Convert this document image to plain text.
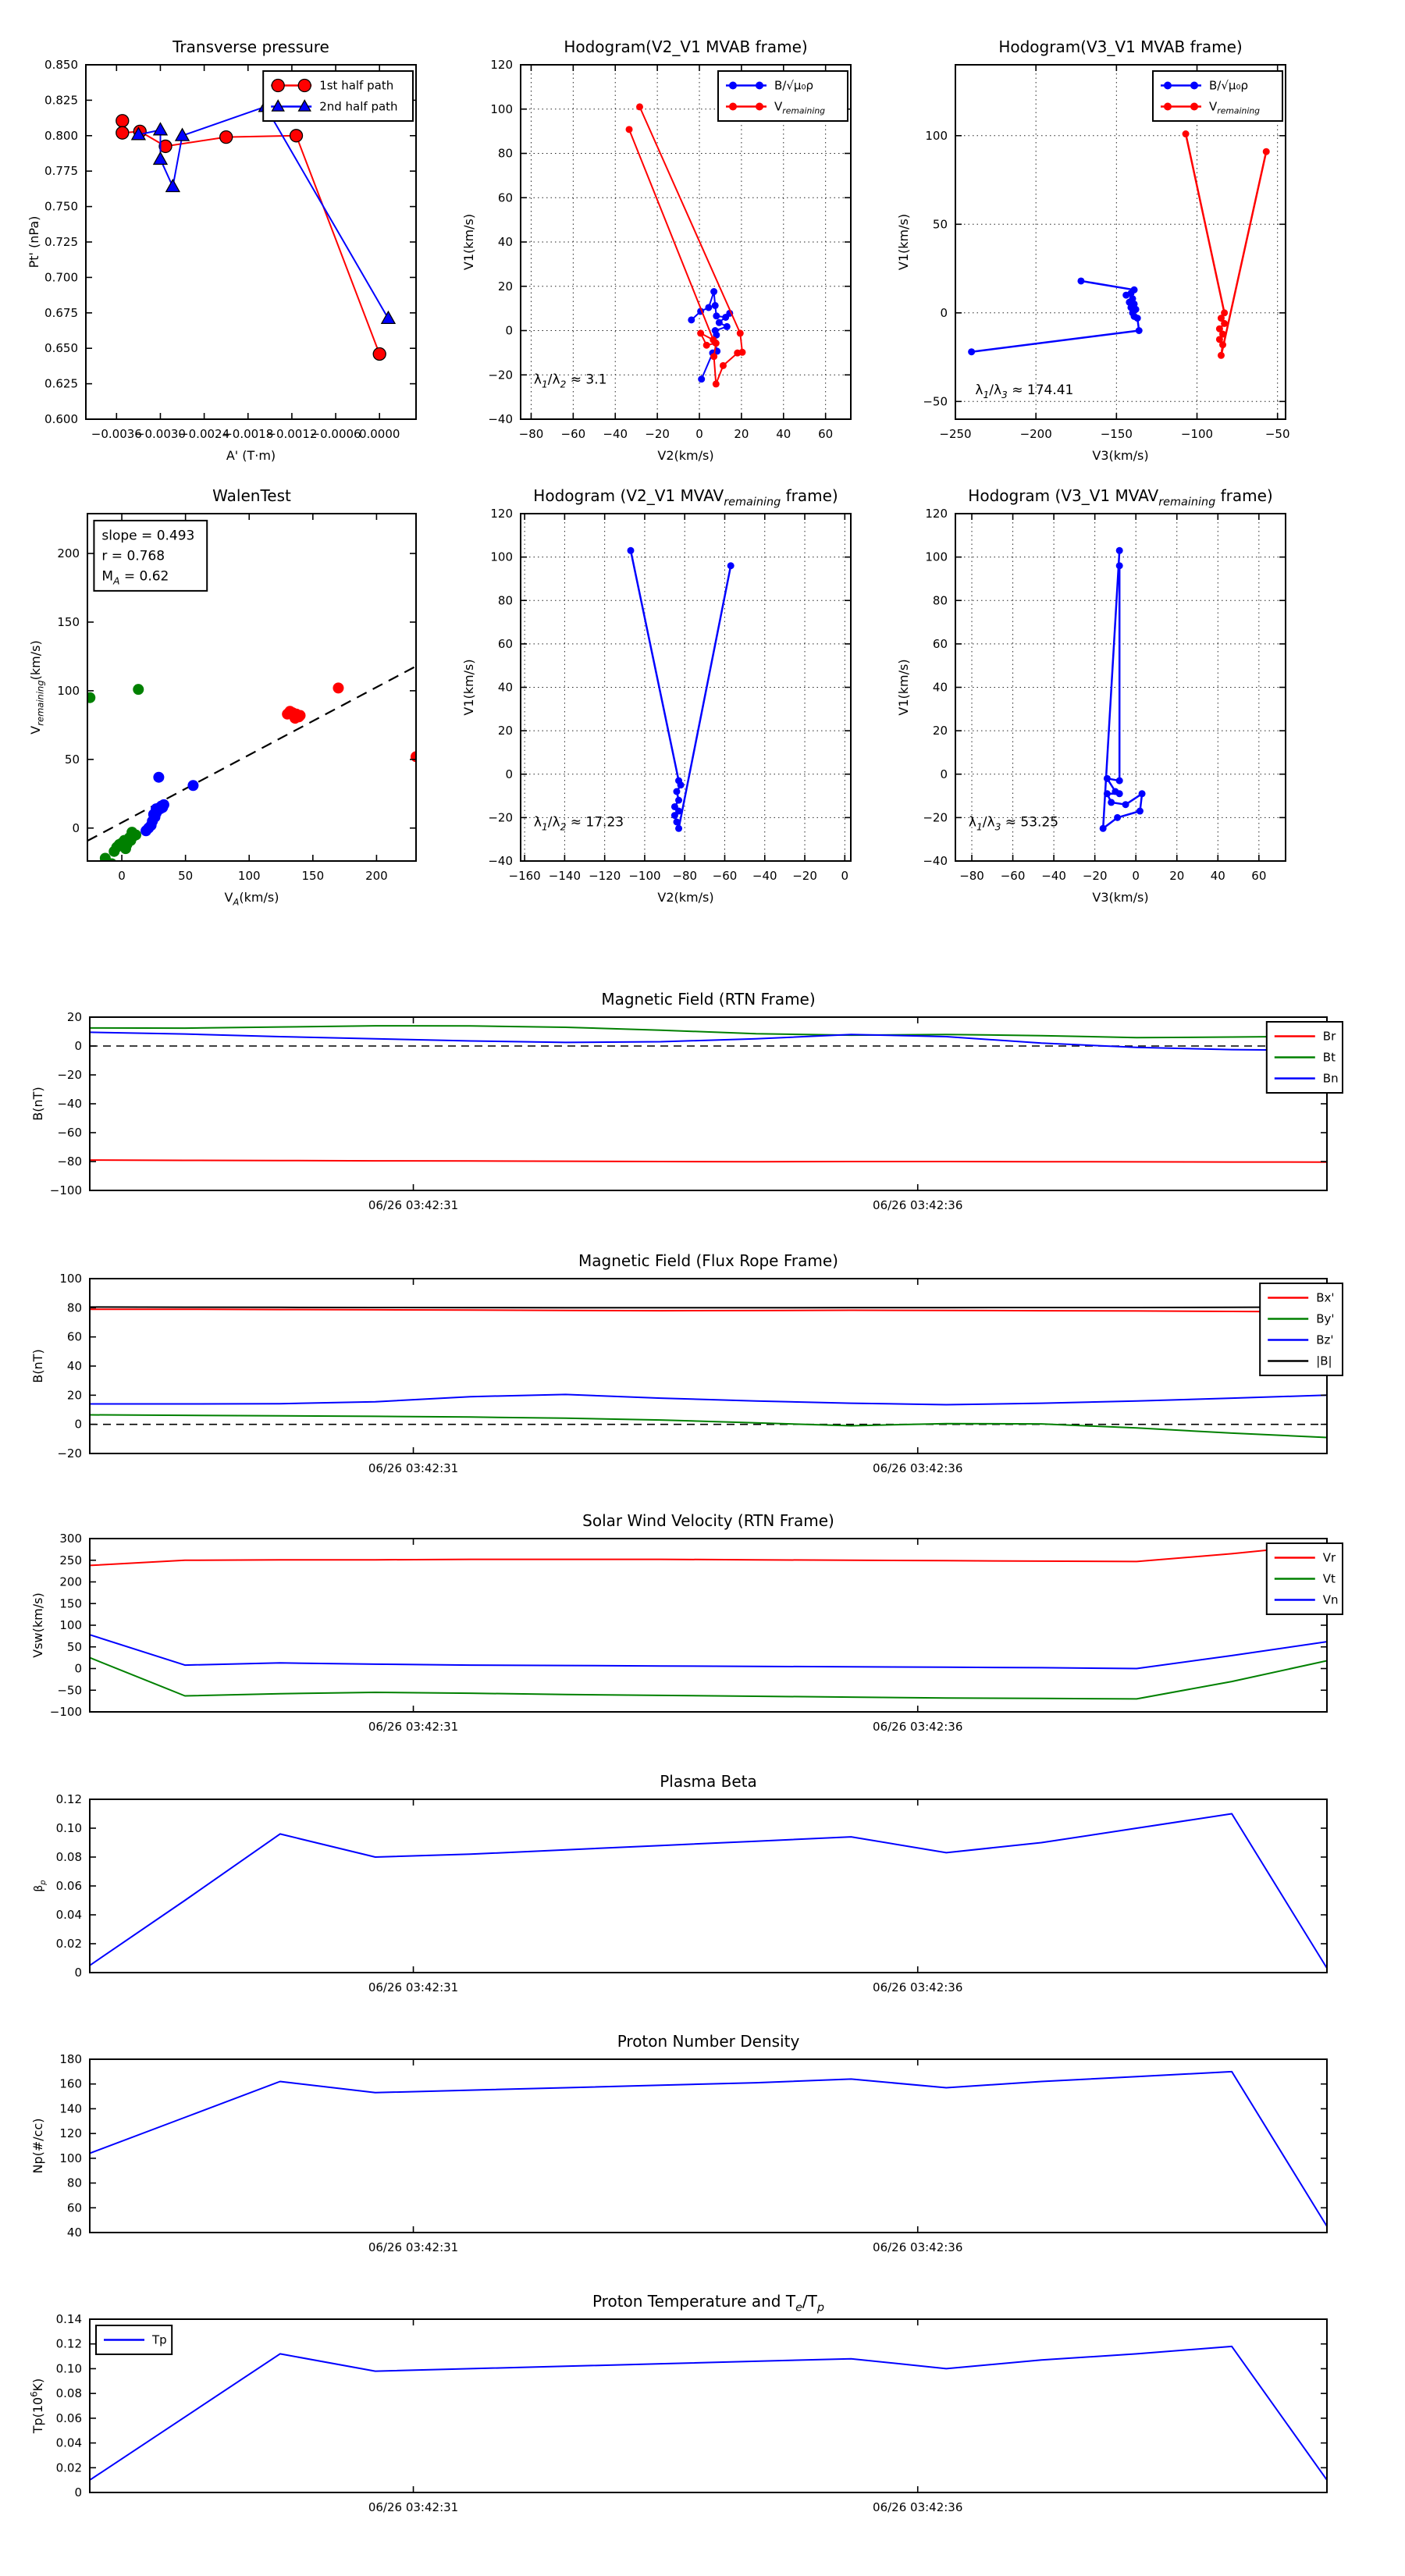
−0.0036
−0.0030
−0.0024
−0.0018
−0.0012
−0.0006
0.0000
0.600
0.625
0.650
0.675
0.700
0.725
0.750
0.775
0.800
0.825
0.850
Transverse pressure
A' (T·m)
Pt' (nPa)
1st half path
2nd half path
−80 −60 −40 −20 0	20 40 60
−40
−20
0
20
40
60
80
100
120
Hodogram(V2_V1 MVAB frame)
V2(km/s)
V1(km/s)
$\lambda_1/\lambda_2 \approx 3.1$
B/√μ₀ρ
$V_{remaining}$
−250	−200	−150	−100	−50
−50
0
50
100
Hodogram(V3_V1 MVAB frame)
V3(km/s)
V1(km/s)
$\lambda_1/\lambda_3 \approx 174.41$
B/√μ₀ρ
$V_{remaining}$
0	50	100	150	200
0
50
100
150
200
WalenTest
$V_A(km/s)$
$V_{remaining}(km/s)$
slope = 0.493
r = 0.768
$M_A = 0.62$
−160 −140 −120 −100 −80 −60 −40 −20 0
−40
−20
0
20
40
60
80
100
120
Hodogram (V2_V1 $MVAV_{remaining}$ frame)
V2(km/s)
V1(km/s)
$\lambda_1/\lambda_2 \approx 17.23$
−80 −60 −40 −20 0	20 40 60
−40
−20
0
20
40
60
80
100
120
Hodogram (V3_V1 $MVAV_{remaining}$ frame)
V3(km/s)
V1(km/s)
$\lambda_1/\lambda_3 \approx 53.25$
06/26 03:42:31	06/26 03:42:36
−100
−80
−60
−40
−20
0
20
Magnetic Field (RTN Frame)
B(nT)
Br
Bt
Bn
06/26 03:42:31	06/26 03:42:36
−20
0
20
40
60
80
100
Magnetic Field (Flux Rope Frame)
B(nT)
Bx'
By'
Bz'
|B|
06/26 03:42:31	06/26 03:42:36
−100
−50
0
50
100
150
200
250
300
Solar Wind Velocity (RTN Frame)
Vsw(km/s)
Vr
Vt
Vn
06/26 03:42:31	06/26 03:42:36
0
0.02
0.04
0.06
0.08
0.10
0.12
Plasma Beta
$\beta_p$
06/26 03:42:31	06/26 03:42:36
40
60
80
100
120
140
160
180
Proton Number Density
Np(#/cc)
06/26 03:42:31	06/26 03:42:36
0
0.02
0.04
0.06
0.08
0.10
0.12
0.14
Proton Temperature and $T_e/T_p$
$Tp(10^6K)$
Tp
